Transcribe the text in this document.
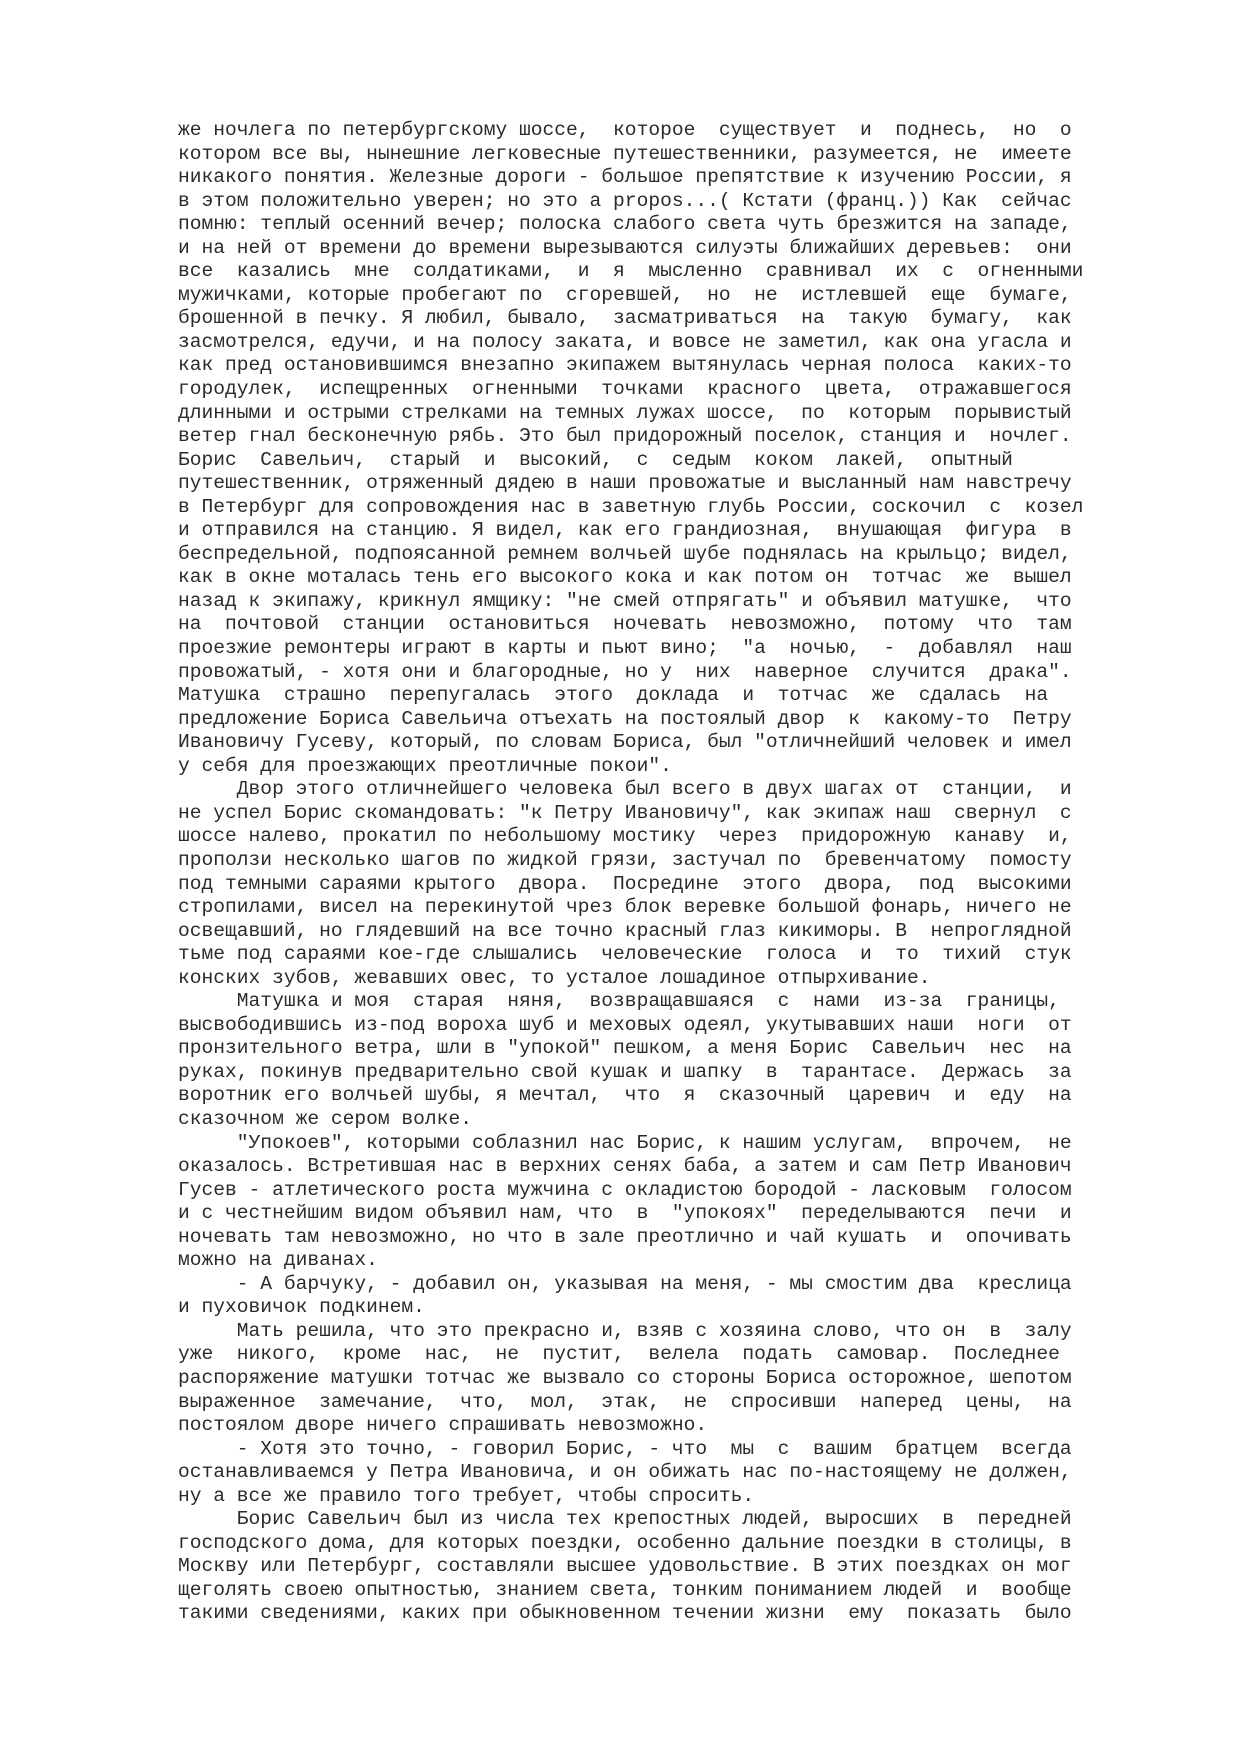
же ночлега по петербургскому шоссе,  которое  существует  и  поднесь,  но  о
котором все вы, нынешние легковесные путешественники, разумеется, не  имеете
никакого понятия. Железные дороги - большое препятствие к изучению России, я
в этом положительно уверен; но это a propos...( Кстати (франц.)) Как  сейчас
помню: теплый осенний вечер; полоска слабого света чуть брезжится на западе,
и на ней от времени до времени вырезываются силуэты ближайших деревьев:  они
все  казались  мне  солдатиками,  и  я  мысленно  сравнивал  их  с  огненными
мужичками, которые пробегают по  сгоревшей,  но  не  истлевшей  еще  бумаге,
брошенной в печку. Я любил, бывало,  засматриваться  на  такую  бумагу,  как
засмотрелся, едучи, и на полосу заката, и вовсе не заметил, как она угасла и
как пред остановившимся внезапно экипажем вытянулась черная полоса  каких-то
городулек,  испещренных  огненными  точками  красного  цвета,  отражавшегося
длинными и острыми стрелками на темных лужах шоссе,  по  которым  порывистый
ветер гнал бесконечную рябь. Это был придорожный поселок, станция и  ночлег.
Борис  Савельич,  старый  и  высокий,  с  седым  коком  лакей,  опытный
путешественник, отряженный дядею в наши провожатые и высланный нам навстречу
в Петербург для сопровождения нас в заветную глубь России, соскочил  с  козел
и отправился на станцию. Я видел, как его грандиозная,  внушающая  фигура  в
беспредельной, подпоясанной ремнем волчьей шубе поднялась на крыльцо; видел,
как в окне моталась тень его высокого кока и как потом он  тотчас  же  вышел
назад к экипажу, крикнул ямщику: "не смей отпрягать" и объявил матушке,  что
на  почтовой  станции  остановиться  ночевать  невозможно,  потому  что  там
проезжие ремонтеры играют в карты и пьют вино;  "а  ночью,  -  добавлял  наш
провожатый, - хотя они и благородные, но у  них  наверное  случится  драка".
Матушка  страшно  перепугалась  этого  доклада  и  тотчас  же  сдалась  на
предложение Бориса Савельича отъехать на постоялый двор  к  какому-то  Петру
Ивановичу Гусеву, который, по словам Бориса, был "отличнейший человек и имел
у себя для проезжающих преотличные покои".
Двор этого отличнейшего человека был всего в двух шагах от  станции,  и
не успел Борис скомандовать: "к Петру Ивановичу", как экипаж наш  свернул  с
шоссе налево, прокатил по небольшому мостику  через  придорожную  канаву  и,
проползи несколько шагов по жидкой грязи, застучал по  бревенчатому  помосту
под темными сараями крытого  двора.  Посредине  этого  двора,  под  высокими
стропилами, висел на перекинутой чрез блок веревке большой фонарь, ничего не
освещавший, но глядевший на все точно красный глаз кикиморы. В  непроглядной
тьме под сараями кое-где слышались  человеческие  голоса  и  то  тихий  стук
конских зубов, жевавших овес, то усталое лошадиное отпырхивание.
Матушка и моя  старая  няня,  возвращавшаяся  с  нами  из-за  границы,
высвободившись из-под вороха шуб и меховых одеял, укутывавших наши  ноги  от
пронзительного ветра, шли в "упокой" пешком, а меня Борис  Савельич  нес  на
руках, покинув предварительно свой кушак и шапку  в  тарантасе.  Держась  за
воротник его волчьей шубы, я мечтал,  что  я  сказочный  царевич  и  еду  на
сказочном же сером волке.
"Упокоев", которыми соблазнил нас Борис, к нашим услугам,  впрочем,  не
оказалось. Встретившая нас в верхних сенях баба, а затем и сам Петр Иванович
Гусев - атлетического роста мужчина с окладистою бородой - ласковым  голосом
и с честнейшим видом объявил нам, что  в  "упокоях"  переделываются  печи  и
ночевать там невозможно, но что в зале преотлично и чай кушать  и  опочивать
можно на диванах.
- А барчуку, - добавил он, указывая на меня, - мы смостим два  креслица
и пуховичок подкинем.
Мать решила, что это прекрасно и, взяв с хозяина слово, что он  в  залу
уже  никого,  кроме  нас,  не  пустит,  велела  подать  самовар.  Последнее
распоряжение матушки тотчас же вызвало со стороны Бориса осторожное, шепотом
выраженное  замечание,  что,  мол,  этак,  не  спросивши  наперед  цены,  на
постоялом дворе ничего спрашивать невозможно.
- Хотя это точно, - говорил Борис, - что  мы  с  вашим  братцем  всегда
останавливаемся у Петра Ивановича, и он обижать нас по-настоящему не должен,
ну а все же правило того требует, чтобы спросить.
Борис Савельич был из числа тех крепостных людей, выросших  в  передней
господского дома, для которых поездки, особенно дальние поездки в столицы, в
Москву или Петербург, составляли высшее удовольствие. В этих поездках он мог
щеголять своею опытностью, знанием света, тонким пониманием людей  и  вообще
такими сведениями, каких при обыкновенном течении жизни  ему  показать  было
